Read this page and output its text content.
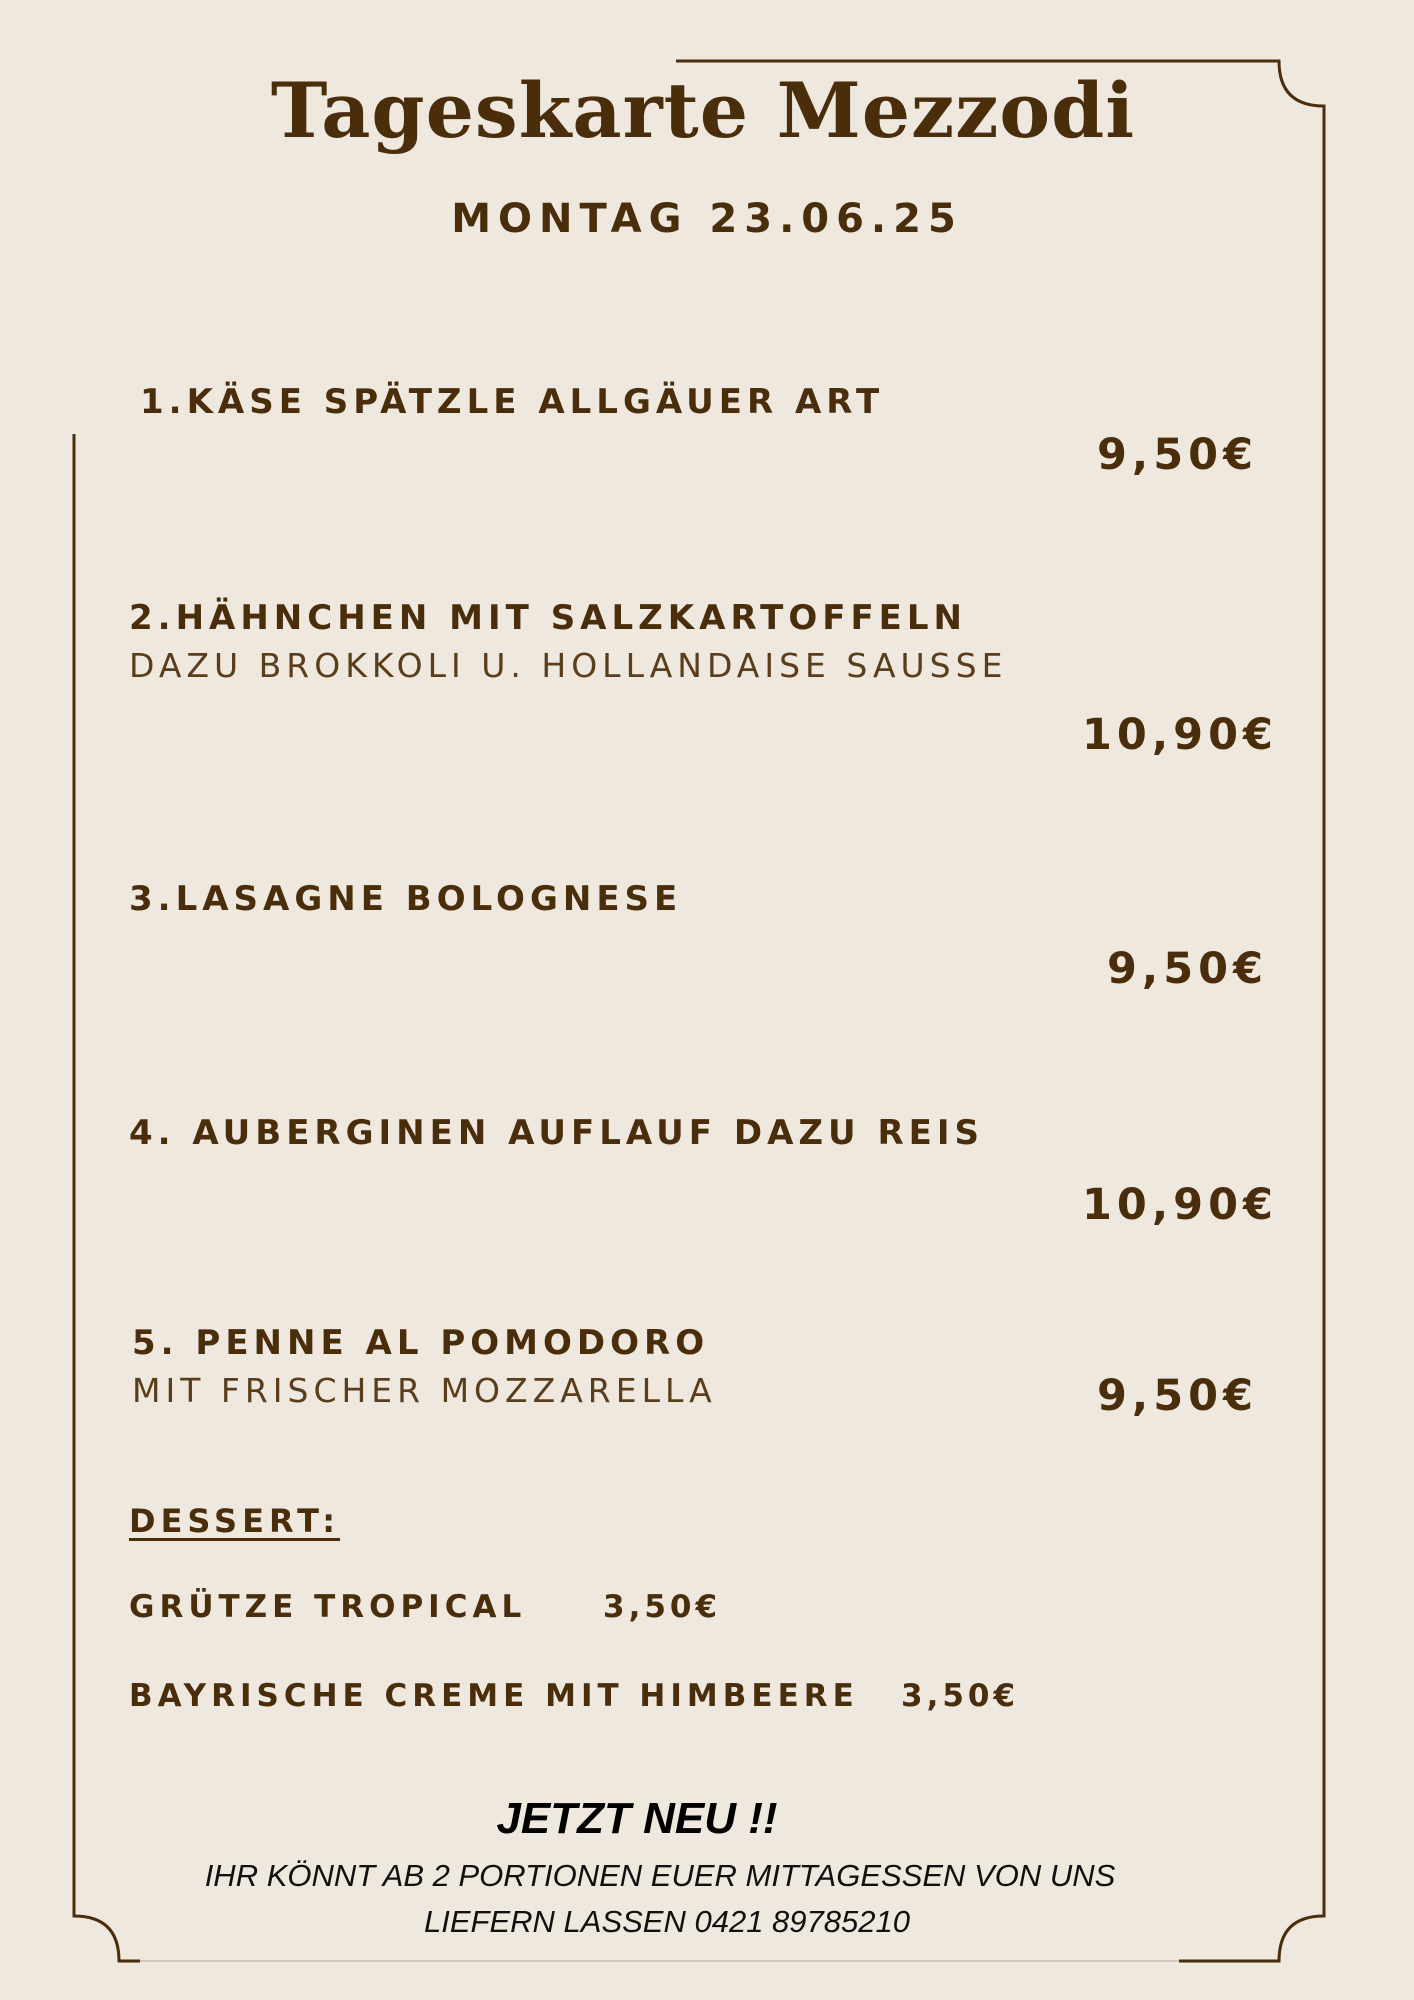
Tageskarte Mezzodi
MONTAG 23.06.25
1.KÄSE SPÄTZLE ALLGÄUER ART
9,50€
2.HÄHNCHEN MIT SALZKARTOFFELN
DAZU BROKKOLI U. HOLLANDAISE SAUSSE
10,90€
3.LASAGNE BOLOGNESE
9,50€
4. AUBERGINEN AUFLAUF DAZU REIS
10,90€
5. PENNE AL POMODORO
MIT FRISCHER MOZZARELLA	9,50€
DESSERT:
GRÜTZE TROPICAL 3,50€
BAYRISCHE CREME MIT HIMBEERE 3,50€
JETZT NEU !!
IHR KÖNNT AB 2 PORTIONEN EUER MITTAGESSEN VON UNS
LIEFERN LASSEN 0421 89785210
